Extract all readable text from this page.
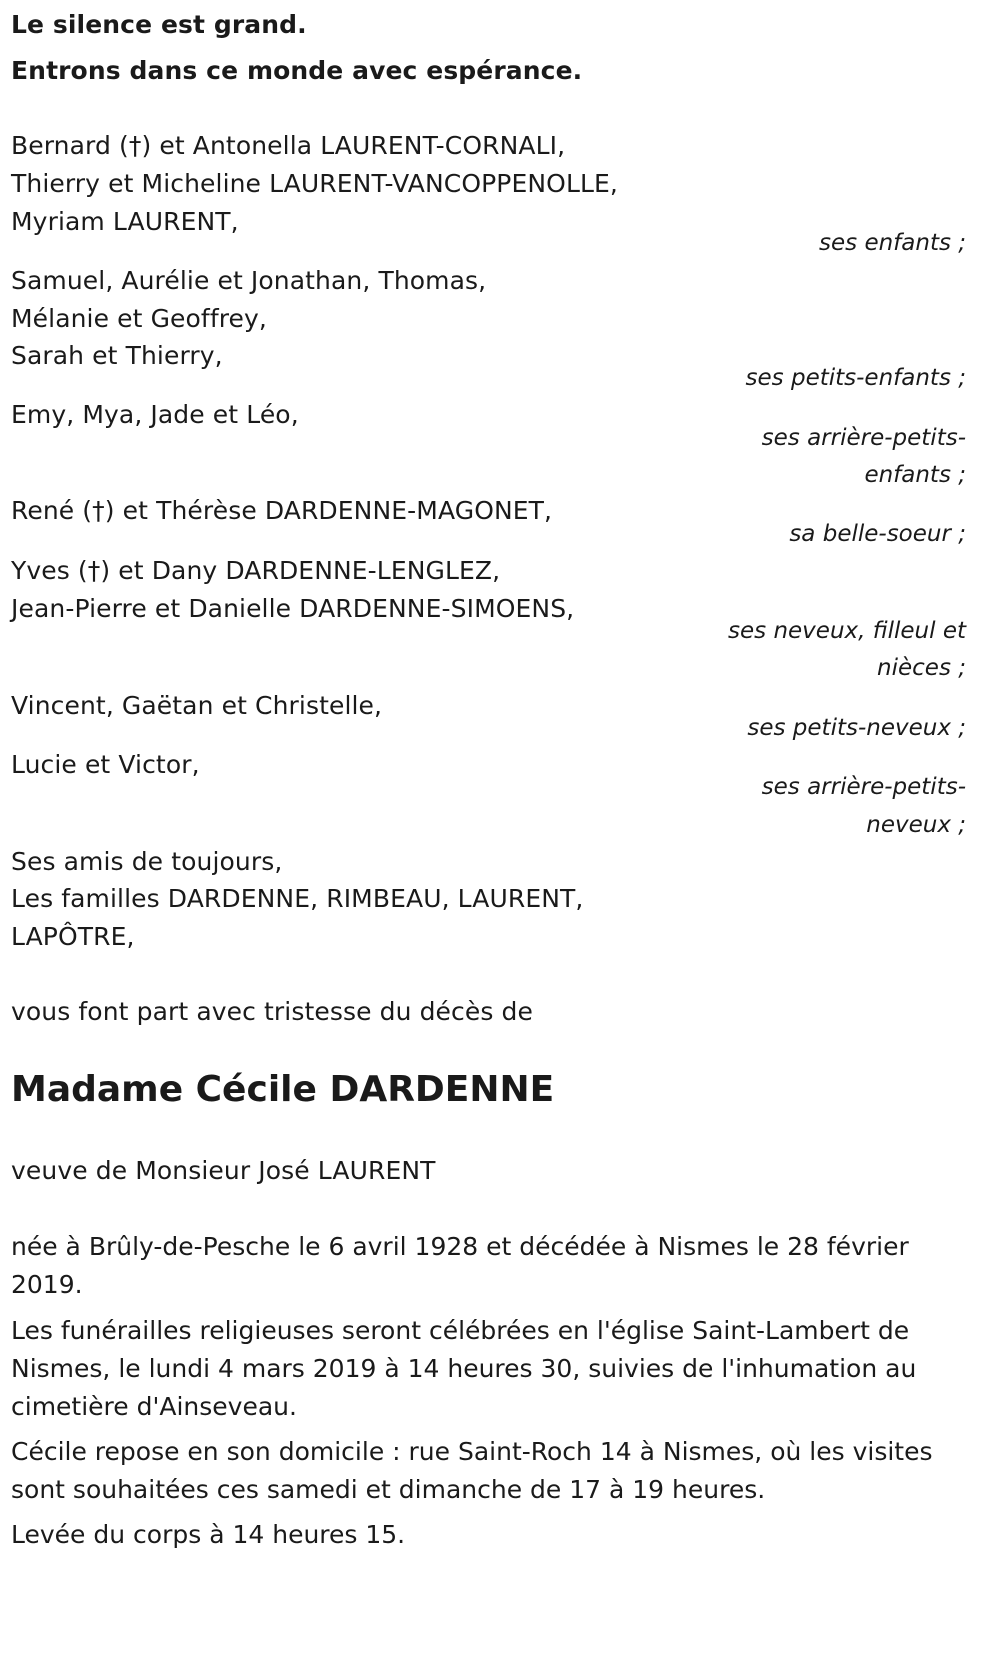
Le silence est grand.
Entrons dans ce monde avec espérance.
Bernard (†) et Antonella LAURENT-CORNALI,
Thierry et Micheline LAURENT-VANCOPPENOLLE,
Myriam LAURENT,
ses enfants ;
Samuel, Aurélie et Jonathan, Thomas,
Mélanie et Geoffrey,
Sarah et Thierry,
ses petits-enfants ;
Emy, Mya, Jade et Léo,
ses arrière-petits-
enfants ;
René (†) et Thérèse DARDENNE-MAGONET,
sa belle-soeur ;
Yves (†) et Dany DARDENNE-LENGLEZ,
Jean-Pierre et Danielle DARDENNE-SIMOENS,
ses neveux, filleul et
nièces ;
Vincent, Gaëtan et Christelle,
ses petits-neveux ;
Lucie et Victor,
ses arrière-petits-
neveux ;
Ses amis de toujours,
Les familles DARDENNE, RIMBEAU, LAURENT,
LAPÔTRE,
vous font part avec tristesse du décès de
Madame Cécile DARDENNE
veuve de Monsieur José LAURENT
née à Brûly-de-Pesche le 6 avril 1928 et décédée à Nismes le 28 février 2019.
Les funérailles religieuses seront célébrées en l'église Saint-Lambert de Nismes, le lundi 4 mars 2019 à 14 heures 30, suivies de l'inhumation au cimetière d'Ainseveau.
Cécile repose en son domicile : rue Saint-Roch 14 à Nismes, où les visites sont souhaitées ces samedi et dimanche de 17 à 19 heures.
Levée du corps à 14 heures 15.
